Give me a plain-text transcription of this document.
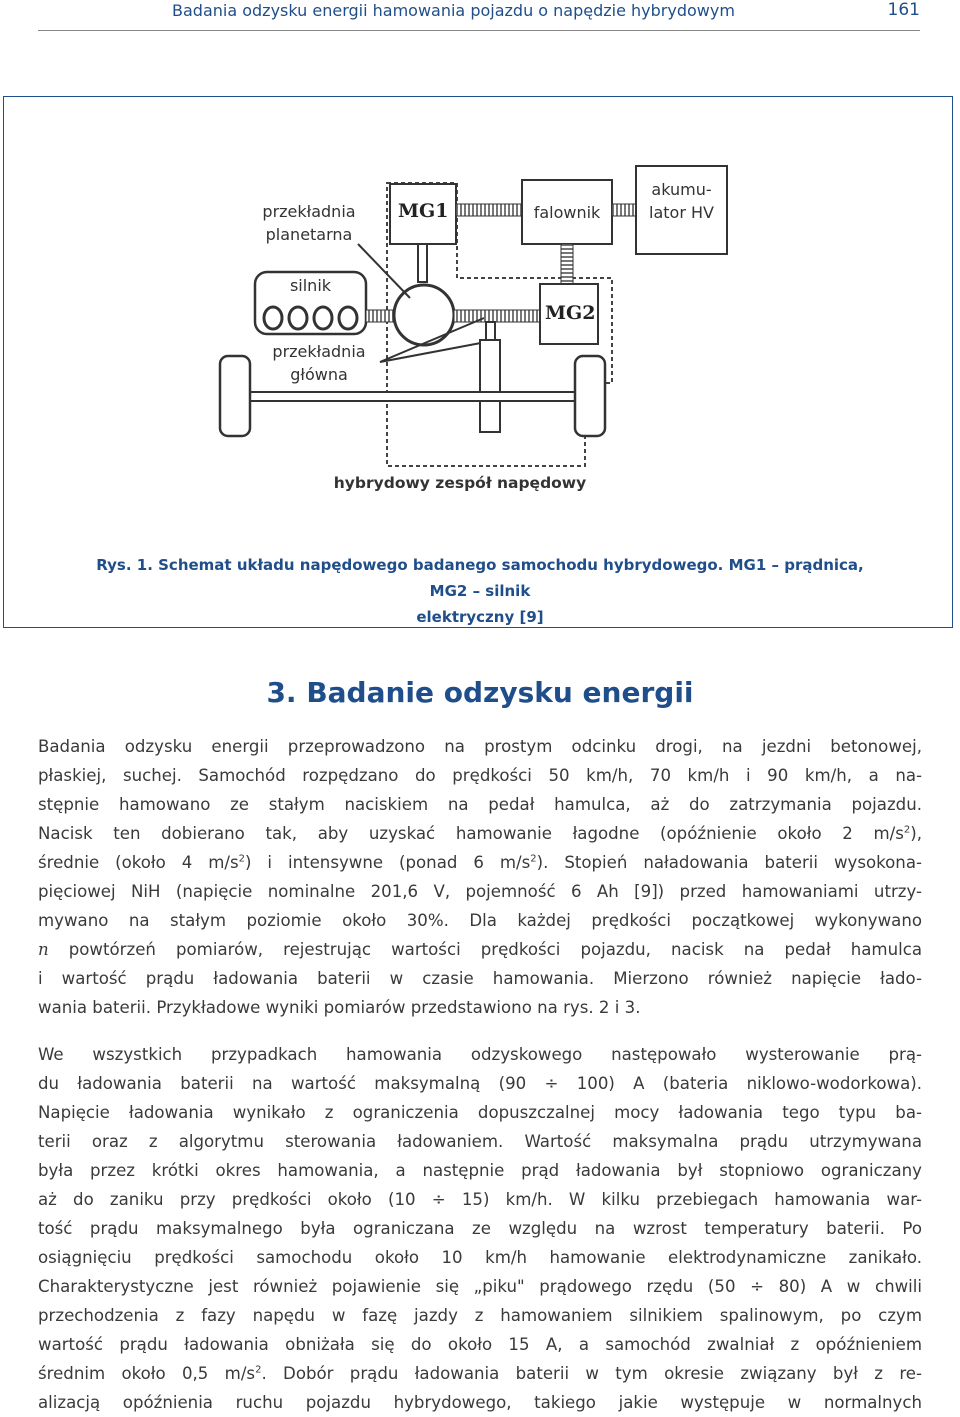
Badania odzysku energii hamowania pojazdu o napędzie hybrydowym	161
MG1
MG2
przekładnia
planetarna
falownik
akumu-
lator HV
silnik
przekładnia
główna
hybrydowy zespół napędowy
Rys. 1. Schemat układu napędowego badanego samochodu hybrydowego. MG1 – prądnica, MG2 – silnik
elektryczny [9]
3. Badanie odzysku energii
Badania odzysku energii przeprowadzono na prostym odcinku drogi, na jezdni betonowej,
płaskiej, suchej. Samochód rozpędzano do prędkości 50 km/h, 70 km/h i 90 km/h, a na-
stępnie hamowano ze stałym naciskiem na pedał hamulca, aż do zatrzymania pojazdu.
Nacisk ten dobierano tak, aby uzyskać hamowanie łagodne (opóźnienie około 2 $m/s^2$),
średnie (około 4 $m/s^2$) i intensywne (ponad 6 $m/s^2$). Stopień naładowania baterii wysokona-
pięciowej NiH (napięcie nominalne 201,6 V, pojemność 6 Ah [9]) przed hamowaniami utrzy-
mywano na stałym poziomie około 30%. Dla każdej prędkości początkowej wykonywano
n powtórzeń pomiarów, rejestrując wartości prędkości pojazdu, nacisk na pedał hamulca
i wartość prądu ładowania baterii w czasie hamowania. Mierzono również napięcie łado-
wania baterii. Przykładowe wyniki pomiarów przedstawiono na rys. 2 i 3.
We wszystkich przypadkach hamowania odzyskowego następowało wysterowanie prą-
du ładowania baterii na wartość maksymalną (90 ÷ 100) A (bateria niklowo-wodorkowa).
Napięcie ładowania wynikało z ograniczenia dopuszczalnej mocy ładowania tego typu ba-
terii oraz z algorytmu sterowania ładowaniem. Wartość maksymalna prądu utrzymywana
była przez krótki okres hamowania, a następnie prąd ładowania był stopniowo ograniczany
aż do zaniku przy prędkości około (10 ÷ 15) km/h. W kilku przebiegach hamowania war-
tość prądu maksymalnego była ograniczana ze względu na wzrost temperatury baterii. Po
osiągnięciu prędkości samochodu około 10 km/h hamowanie elektrodynamiczne zanikało.
Charakterystyczne jest również pojawienie się „piku" prądowego rzędu (50 ÷ 80) A w chwili
przechodzenia z fazy napędu w fazę jazdy z hamowaniem silnikiem spalinowym, po czym
wartość prądu ładowania obniżała się do około 15 A, a samochód zwalniał z opóźnieniem
średnim około 0,5 $m/s^2$. Dobór prądu ładowania baterii w tym okresie związany był z re-
alizacją opóźnienia ruchu pojazdu hybrydowego, takiego jakie występuje w normalnych
